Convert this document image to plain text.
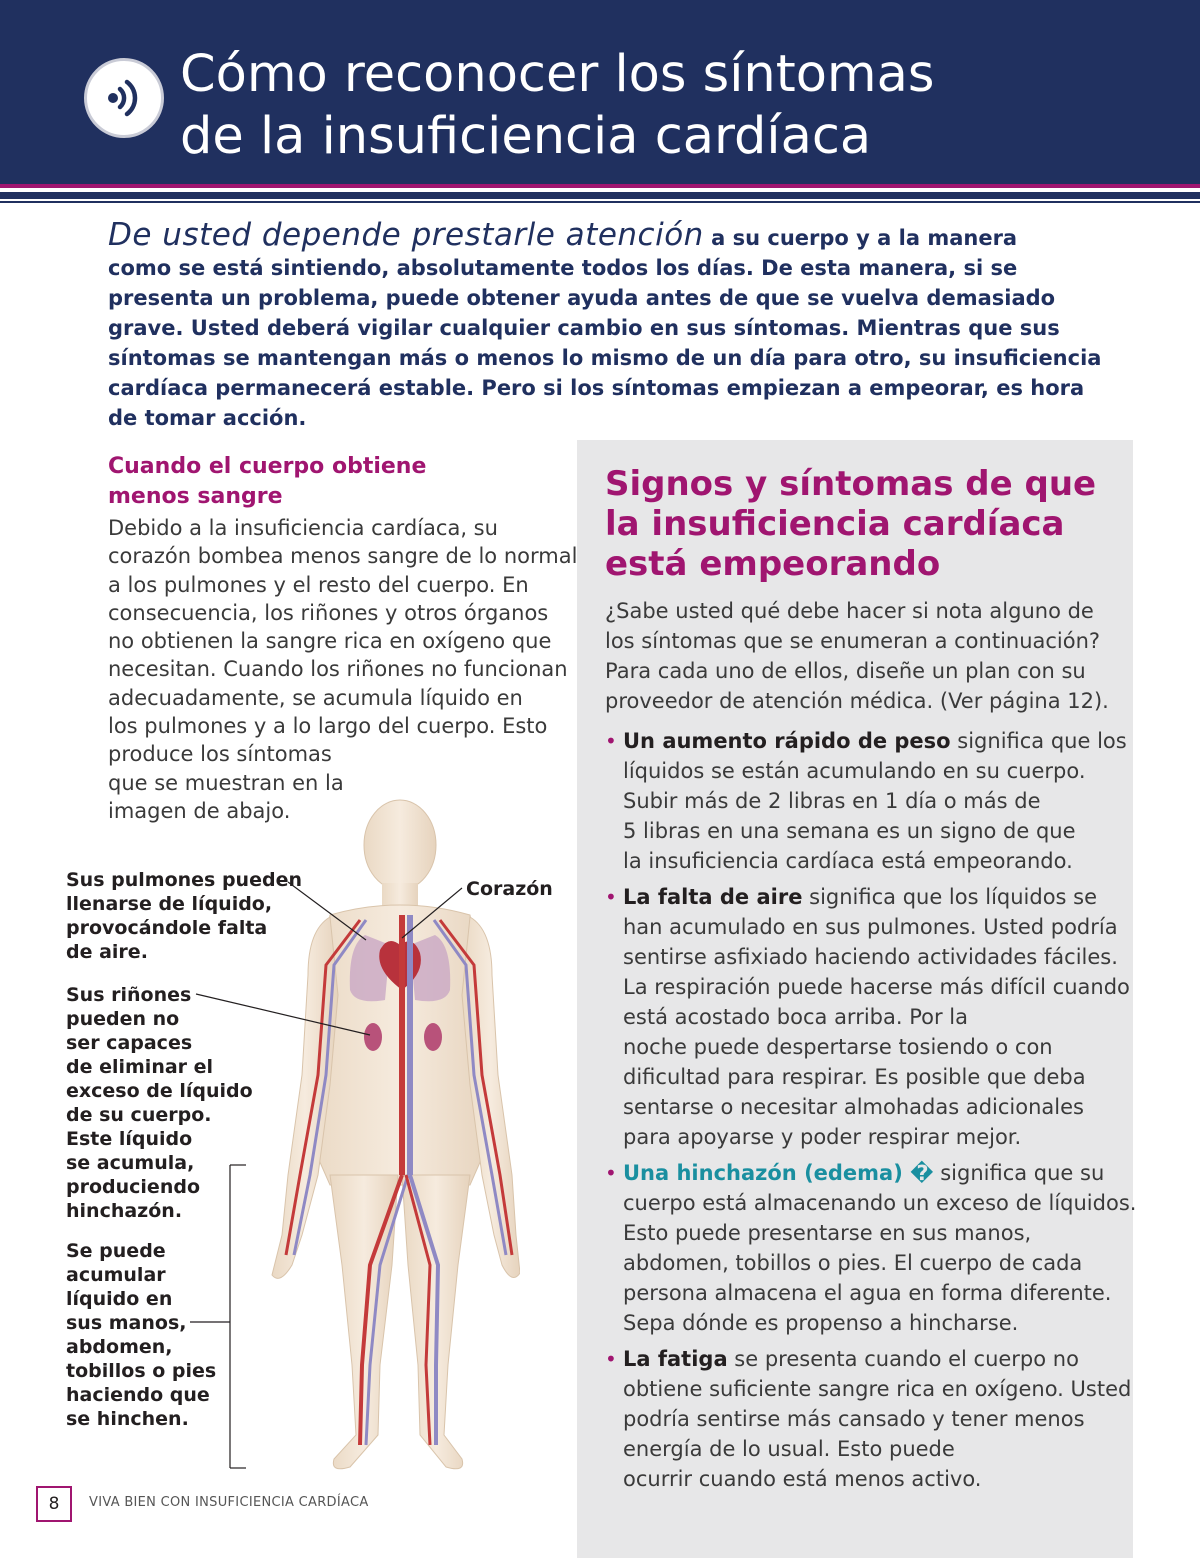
Cómo reconocer los síntomas
de la insuficiencia cardíaca
De usted depende prestarle atención a su cuerpo y a la manera
como se está sintiendo, absolutamente todos los días. De esta manera, si se
presenta un problema, puede obtener ayuda antes de que se vuelva demasiado
grave. Usted deberá vigilar cualquier cambio en sus síntomas. Mientras que sus
síntomas se mantengan más o menos lo mismo de un día para otro, su insuficiencia
cardíaca permanecerá estable. Pero si los síntomas empiezan a empeorar, es hora
de tomar acción.
Cuando el cuerpo obtiene
menos sangre
Debido a la insuficiencia cardíaca, su
corazón bombea menos sangre de lo normal
a los pulmones y el resto del cuerpo. En
consecuencia, los riñones y otros órganos
no obtienen la sangre rica en oxígeno que
necesitan. Cuando los riñones no funcionan
adecuadamente, se acumula líquido en
los pulmones y a lo largo del cuerpo. Esto
produce los síntomas
que se muestran en la
imagen de abajo.
Sus pulmones pueden
llenarse de líquido,
provocándole falta
de aire.
Corazón
Sus riñones
pueden no
ser capaces
de eliminar el
exceso de líquido
de su cuerpo.
Este líquido
se acumula,
produciendo
hinchazón.
Se puede
acumular
líquido en
sus manos,
abdomen,
tobillos o pies
haciendo que
se hinchen.
Signos y síntomas de que
la insuficiencia cardíaca
está empeorando
¿Sabe usted qué debe hacer si nota alguno de
los síntomas que se enumeran a continuación?
Para cada uno de ellos, diseñe un plan con su
proveedor de atención médica. (Ver página 12).
• Un aumento rápido de peso significa que los
líquidos se están acumulando en su cuerpo.
Subir más de 2 libras en 1 día o más de
5 libras en una semana es un signo de que
la insuficiencia cardíaca está empeorando.
• La falta de aire significa que los líquidos se
han acumulado en sus pulmones. Usted podría
sentirse asfixiado haciendo actividades fáciles.
La respiración puede hacerse más difícil cuando
está acostado boca arriba. Por la
noche puede despertarse tosiendo o con
dificultad para respirar. Es posible que deba
sentarse o necesitar almohadas adicionales
para apoyarse y poder respirar mejor.
• Una hinchazón (edema) � significa que su
cuerpo está almacenando un exceso de líquidos.
Esto puede presentarse en sus manos,
abdomen, tobillos o pies. El cuerpo de cada
persona almacena el agua en forma diferente.
Sepa dónde es propenso a hincharse.
• La fatiga se presenta cuando el cuerpo no
obtiene suficiente sangre rica en oxígeno. Usted
podría sentirse más cansado y tener menos
energía de lo usual. Esto puede
ocurrir cuando está menos activo.
8	VIVA BIEN CON INSUFICIENCIA CARDÍACA
